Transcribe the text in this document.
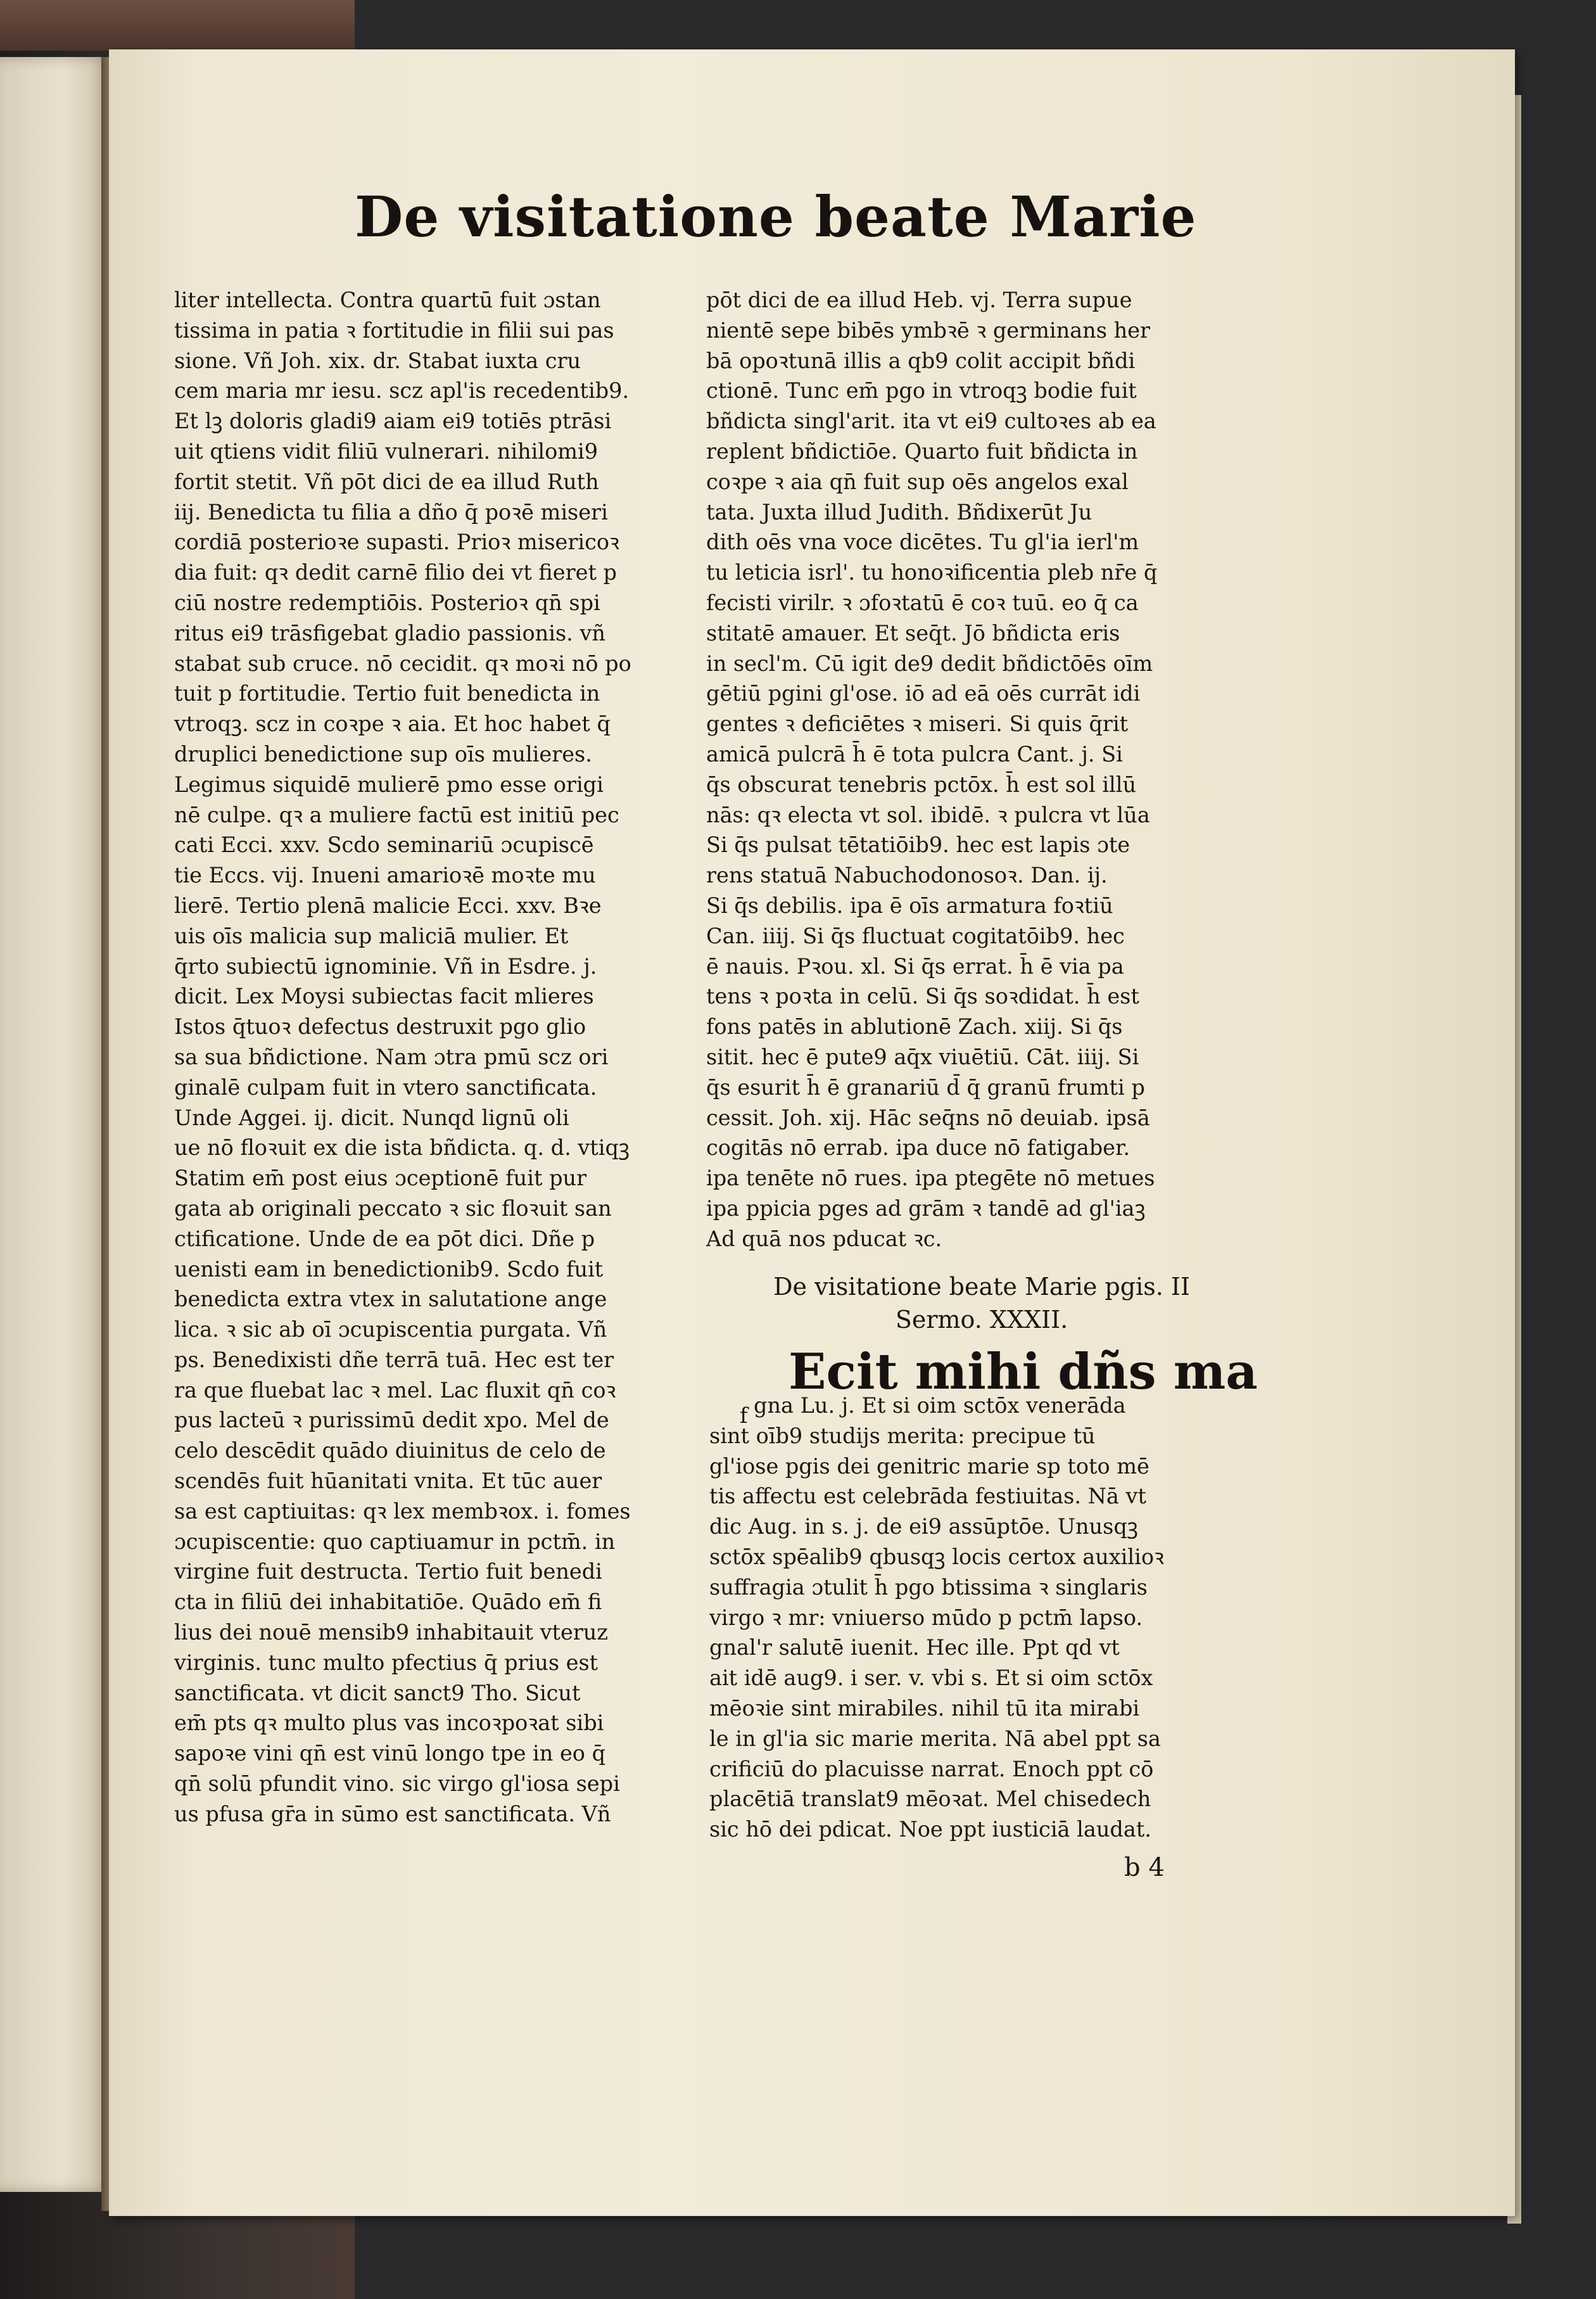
De visitatione beate Marie
liter intellecta. Contra quartū fuit ɔstan
tissima in patia ꝛ fortitudie in filii sui pas
sione. Vñ Joh. xix. dr. Stabat iuxta cru
cem maria mr iesu. scz apl'is recedentib9.
Et lꝫ doloris gladi9 aiam ei9 totiēs ptrāsi
uit qtiens vidit filiū vulnerari. nihilomi9
fortit stetit. Vñ pōt dici de ea illud Ruth
iij. Benedicta tu filia a dño q̄ poꝛē miseri
cordiā posterioꝛe supasti. Prioꝛ misericoꝛ
dia fuit: qꝛ dedit carnē filio dei vt fieret p
ciū nostre redemptiōis. Posterioꝛ qn̄ spi
ritus ei9 trāsfigebat gladio passionis. vñ
stabat sub cruce. nō cecidit. qꝛ moꝛi nō po
tuit p fortitudie. Tertio fuit benedicta in
vtroqꝫ. scz in coꝛpe ꝛ aia. Et hoc habet q̄
druplici benedictione sup oīs mulieres.
Legimus siquidē mulierē pmo esse origi
nē culpe. qꝛ a muliere factū est initiū pec
cati Ecci. xxv. Scdo seminariū ɔcupiscē
tie Eccs. vij. Inueni amarioꝛē moꝛte mu
lierē. Tertio plenā malicie Ecci. xxv. Bꝛe
uis oīs malicia sup maliciā mulier. Et
q̄rto subiectū ignominie. Vñ in Esdre. j.
dicit. Lex Moysi subiectas facit mlieres
Istos q̄tuoꝛ defectus destruxit pgo glio
sa sua bñdictione. Nam ɔtra pmū scz ori
ginalē culpam fuit in vtero sanctificata.
Unde Aggei. ij. dicit. Nunqd lignū oli
ue nō floꝛuit ex die ista bñdicta. q. d. vtiqꝫ
Statim em̄ post eius ɔceptionē fuit pur
gata ab originali peccato ꝛ sic floꝛuit san
ctificatione. Unde de ea pōt dici. Dñe p
uenisti eam in benedictionib9. Scdo fuit
benedicta extra vtex in salutatione ange
lica. ꝛ sic ab oī ɔcupiscentia purgata. Vñ
ps. Benedixisti dñe terrā tuā. Hec est ter
ra que fluebat lac ꝛ mel. Lac fluxit qn̄ coꝛ
pus lacteū ꝛ purissimū dedit xpo. Mel de
celo descēdit quādo diuinitus de celo de
scendēs fuit hūanitati vnita. Et tūc auer
sa est captiuitas: qꝛ lex membꝛox. i. fomes
ɔcupiscentie: quo captiuamur in pctm̄. in
virgine fuit destructa. Tertio fuit benedi
cta in filiū dei inhabitatiōe. Quādo em̄ fi
lius dei nouē mensib9 inhabitauit vteruz
virginis. tunc multo pfectius q̄ prius est
sanctificata. vt dicit sanct9 Tho. Sicut
em̄ pts qꝛ multo plus vas incoꝛpoꝛat sibi
sapoꝛe vini qn̄ est vinū longo tpe in eo q̄
qn̄ solū pfundit vino. sic virgo gl'iosa sepi
us pfusa gr̄a in sūmo est sanctificata. Vñ
pōt dici de ea illud Heb. vj. Terra supue
nientē sepe bibēs ymbꝛē ꝛ germinans her
bā opoꝛtunā illis a qb9 colit accipit bñdi
ctionē. Tunc em̄ pgo in vtroqꝫ bodie fuit
bñdicta singl'arit. ita vt ei9 cultoꝛes ab ea
replent bñdictiōe. Quarto fuit bñdicta in
coꝛpe ꝛ aia qn̄ fuit sup oēs angelos exal
tata. Juxta illud Judith. Bñdixerūt Ju
dith oēs vna voce dicētes. Tu gl'ia ierl'm
tu leticia isrl'. tu honoꝛificentia pleb nr̄e q̄
fecisti virilr. ꝛ ɔfoꝛtatū ē coꝛ tuū. eo q̄ ca
stitatē amauer. Et seq̄t. Jō bñdicta eris
in secl'm. Cū igit de9 dedit bñdictōēs oīm
gētiū pgini gl'ose. iō ad eā oēs currāt idi
gentes ꝛ deficiētes ꝛ miseri. Si quis q̄rit
amicā pulcrā h̄ ē tota pulcra Cant. j. Si
q̄s obscurat tenebris pctōx. h̄ est sol illū
nās: qꝛ electa vt sol. ibidē. ꝛ pulcra vt lūa
Si q̄s pulsat tētatiōib9. hec est lapis ɔte
rens statuā Nabuchodonosoꝛ. Dan. ij.
Si q̄s debilis. ipa ē oīs armatura foꝛtiū
Can. iiij. Si q̄s fluctuat cogitatōib9. hec
ē nauis. Pꝛou. xl. Si q̄s errat. h̄ ē via pa
tens ꝛ poꝛta in celū. Si q̄s soꝛdidat. h̄ est
fons patēs in ablutionē Zach. xiij. Si q̄s
sitit. hec ē pute9 aq̄x viuētiū. Cāt. iiij. Si
q̄s esurit h̄ ē granariū d̄ q̄ granū frumti p
cessit. Joh. xij. Hāc seq̄ns nō deuiab. ipsā
cogitās nō errab. ipa duce nō fatigaber.
ipa tenēte nō rues. ipa ptegēte nō metues
ipa ppicia pges ad grām ꝛ tandē ad gl'iaꝫ
Ad quā nos pducat ꝛc.
De visitatione beate Marie pgis. II
Sermo. XXXII.
Ecit mihi dñs ma
f gna Lu. j. Et si oim sctōx venerāda
sint oīb9 studijs merita: precipue tū
gl'iose pgis dei genitric marie sp toto mē
tis affectu est celebrāda festiuitas. Nā vt
dic Aug. in s. j. de ei9 assūptōe. Unusqꝫ
sctōx spēalib9 qbusqꝫ locis certox auxilioꝛ
suffragia ɔtulit h̄ pgo btissima ꝛ singlaris
virgo ꝛ mr: vniuerso mūdo p pctm̄ lapso.
gnal'r salutē iuenit. Hec ille. Ppt qd vt
ait idē aug9. i ser. v. vbi s. Et si oim sctōx
mēoꝛie sint mirabiles. nihil tū ita mirabi
le in gl'ia sic marie merita. Nā abel ppt sa
crificiū do placuisse narrat. Enoch ppt cō
placētiā translat9 mēoꝛat. Mel chisedech
sic hō dei pdicat. Noe ppt iusticiā laudat.
b 4
